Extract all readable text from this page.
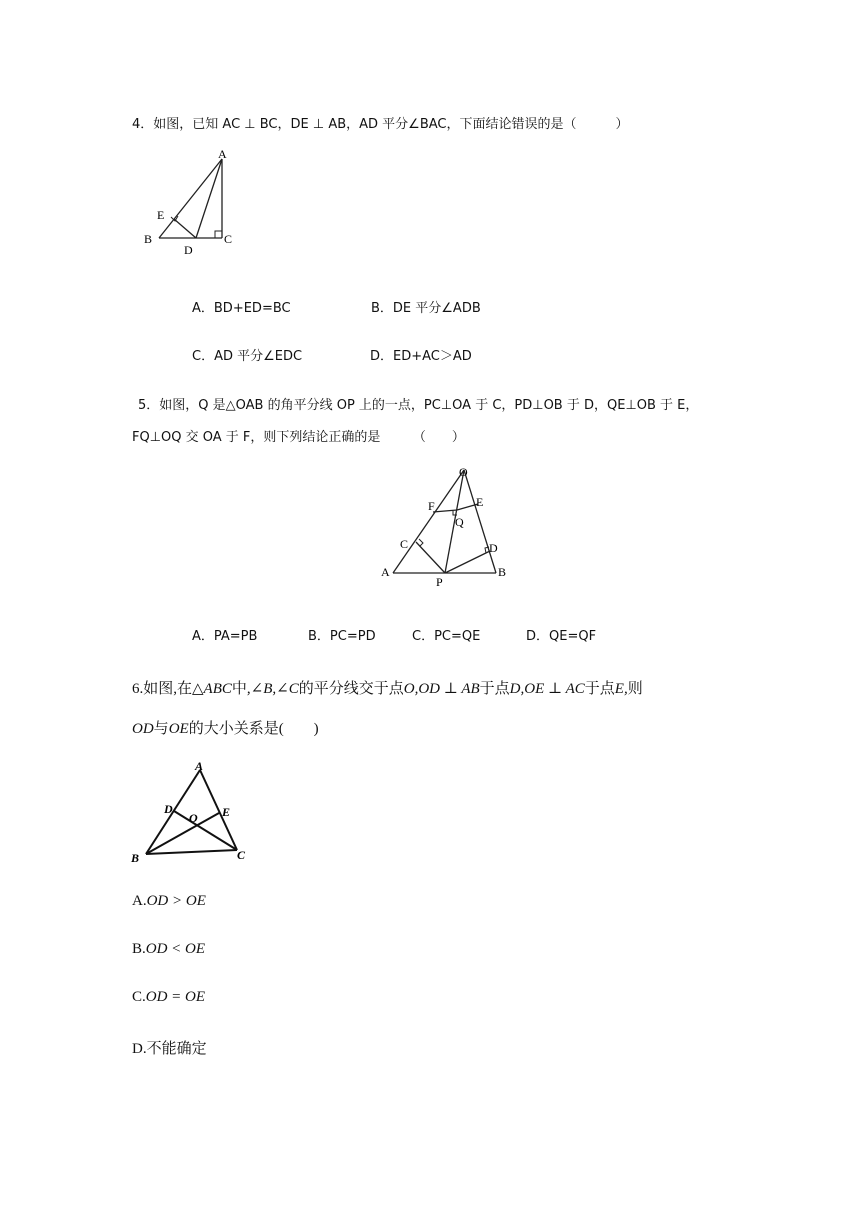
4．如图，已知 AC ⊥ BC，DE ⊥ AB，AD 平分∠BAC，下面结论错误的是（　　　）
A
B	C
D
E
A．BD+ED=BC	B．DE 平分∠ADB
C．AD 平分∠EDC	D．ED+AC＞AD
5．如图，Q 是△OAB 的角平分线 OP 上的一点，PC⊥OA 于 C，PD⊥OB 于 D，QE⊥OB 于 E，
FQ⊥OQ 交 OA 于 F，则下列结论正确的是　　　（　　）
O
F	E
Q
C	D
A
P
B
A．PA=PB	B．PC=PD	C．PC=QE	D．QE=QF
6.如图,在△ABC中,∠B,∠C的平分线交于点O,OD ⊥ AB于点D,OE ⊥ AC于点E,则
OD与OE的大小关系是(　　)
A
D	E
O
B	C
A.OD > OE
B.OD < OE
C.OD = OE
D.不能确定
